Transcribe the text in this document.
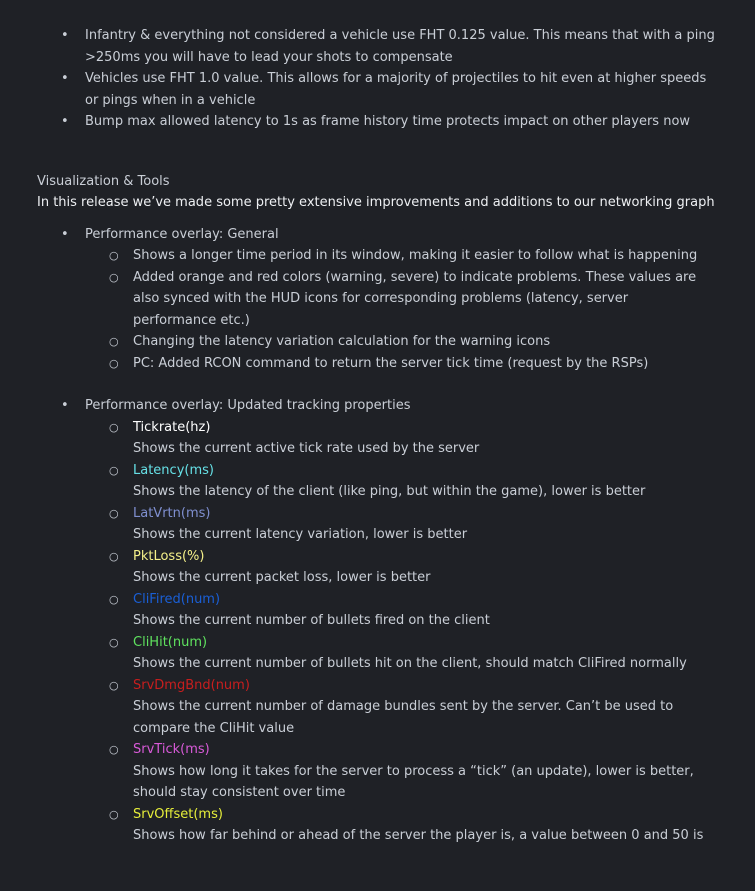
• Infantry & everything not considered a vehicle use FHT 0.125 value. This means that with a ping >250ms you will have to lead your shots to compensate
• Vehicles use FHT 1.0 value. This allows for a majority of projectiles to hit even at higher speeds or pings when in a vehicle
• Bump max allowed latency to 1s as frame history time protects impact on other players now
Visualization & Tools
In this release we’ve made some pretty extensive improvements and additions to our networking graph
• Performance overlay: General
○ Shows a longer time period in its window, making it easier to follow what is happening
○ Added orange and red colors (warning, severe) to indicate problems. These values are also synced with the HUD icons for corresponding problems (latency, server performance etc.)
○ Changing the latency variation calculation for the warning icons
○ PC: Added RCON command to return the server tick time (request by the RSPs)
• Performance overlay: Updated tracking properties
○ Tickrate(hz)
Shows the current active tick rate used by the server
○ Latency(ms)
Shows the latency of the client (like ping, but within the game), lower is better
○ LatVrtn(ms)
Shows the current latency variation, lower is better
○ PktLoss(%)
Shows the current packet loss, lower is better
○ CliFired(num)
Shows the current number of bullets fired on the client
○ CliHit(num)
Shows the current number of bullets hit on the client, should match CliFired normally
○ SrvDmgBnd(num)
Shows the current number of damage bundles sent by the server. Can’t be used to compare the CliHit value
○ SrvTick(ms)
Shows how long it takes for the server to process a “tick” (an update), lower is better, should stay consistent over time
○ SrvOffset(ms)
Shows how far behind or ahead of the server the player is, a value between 0 and 50 is
